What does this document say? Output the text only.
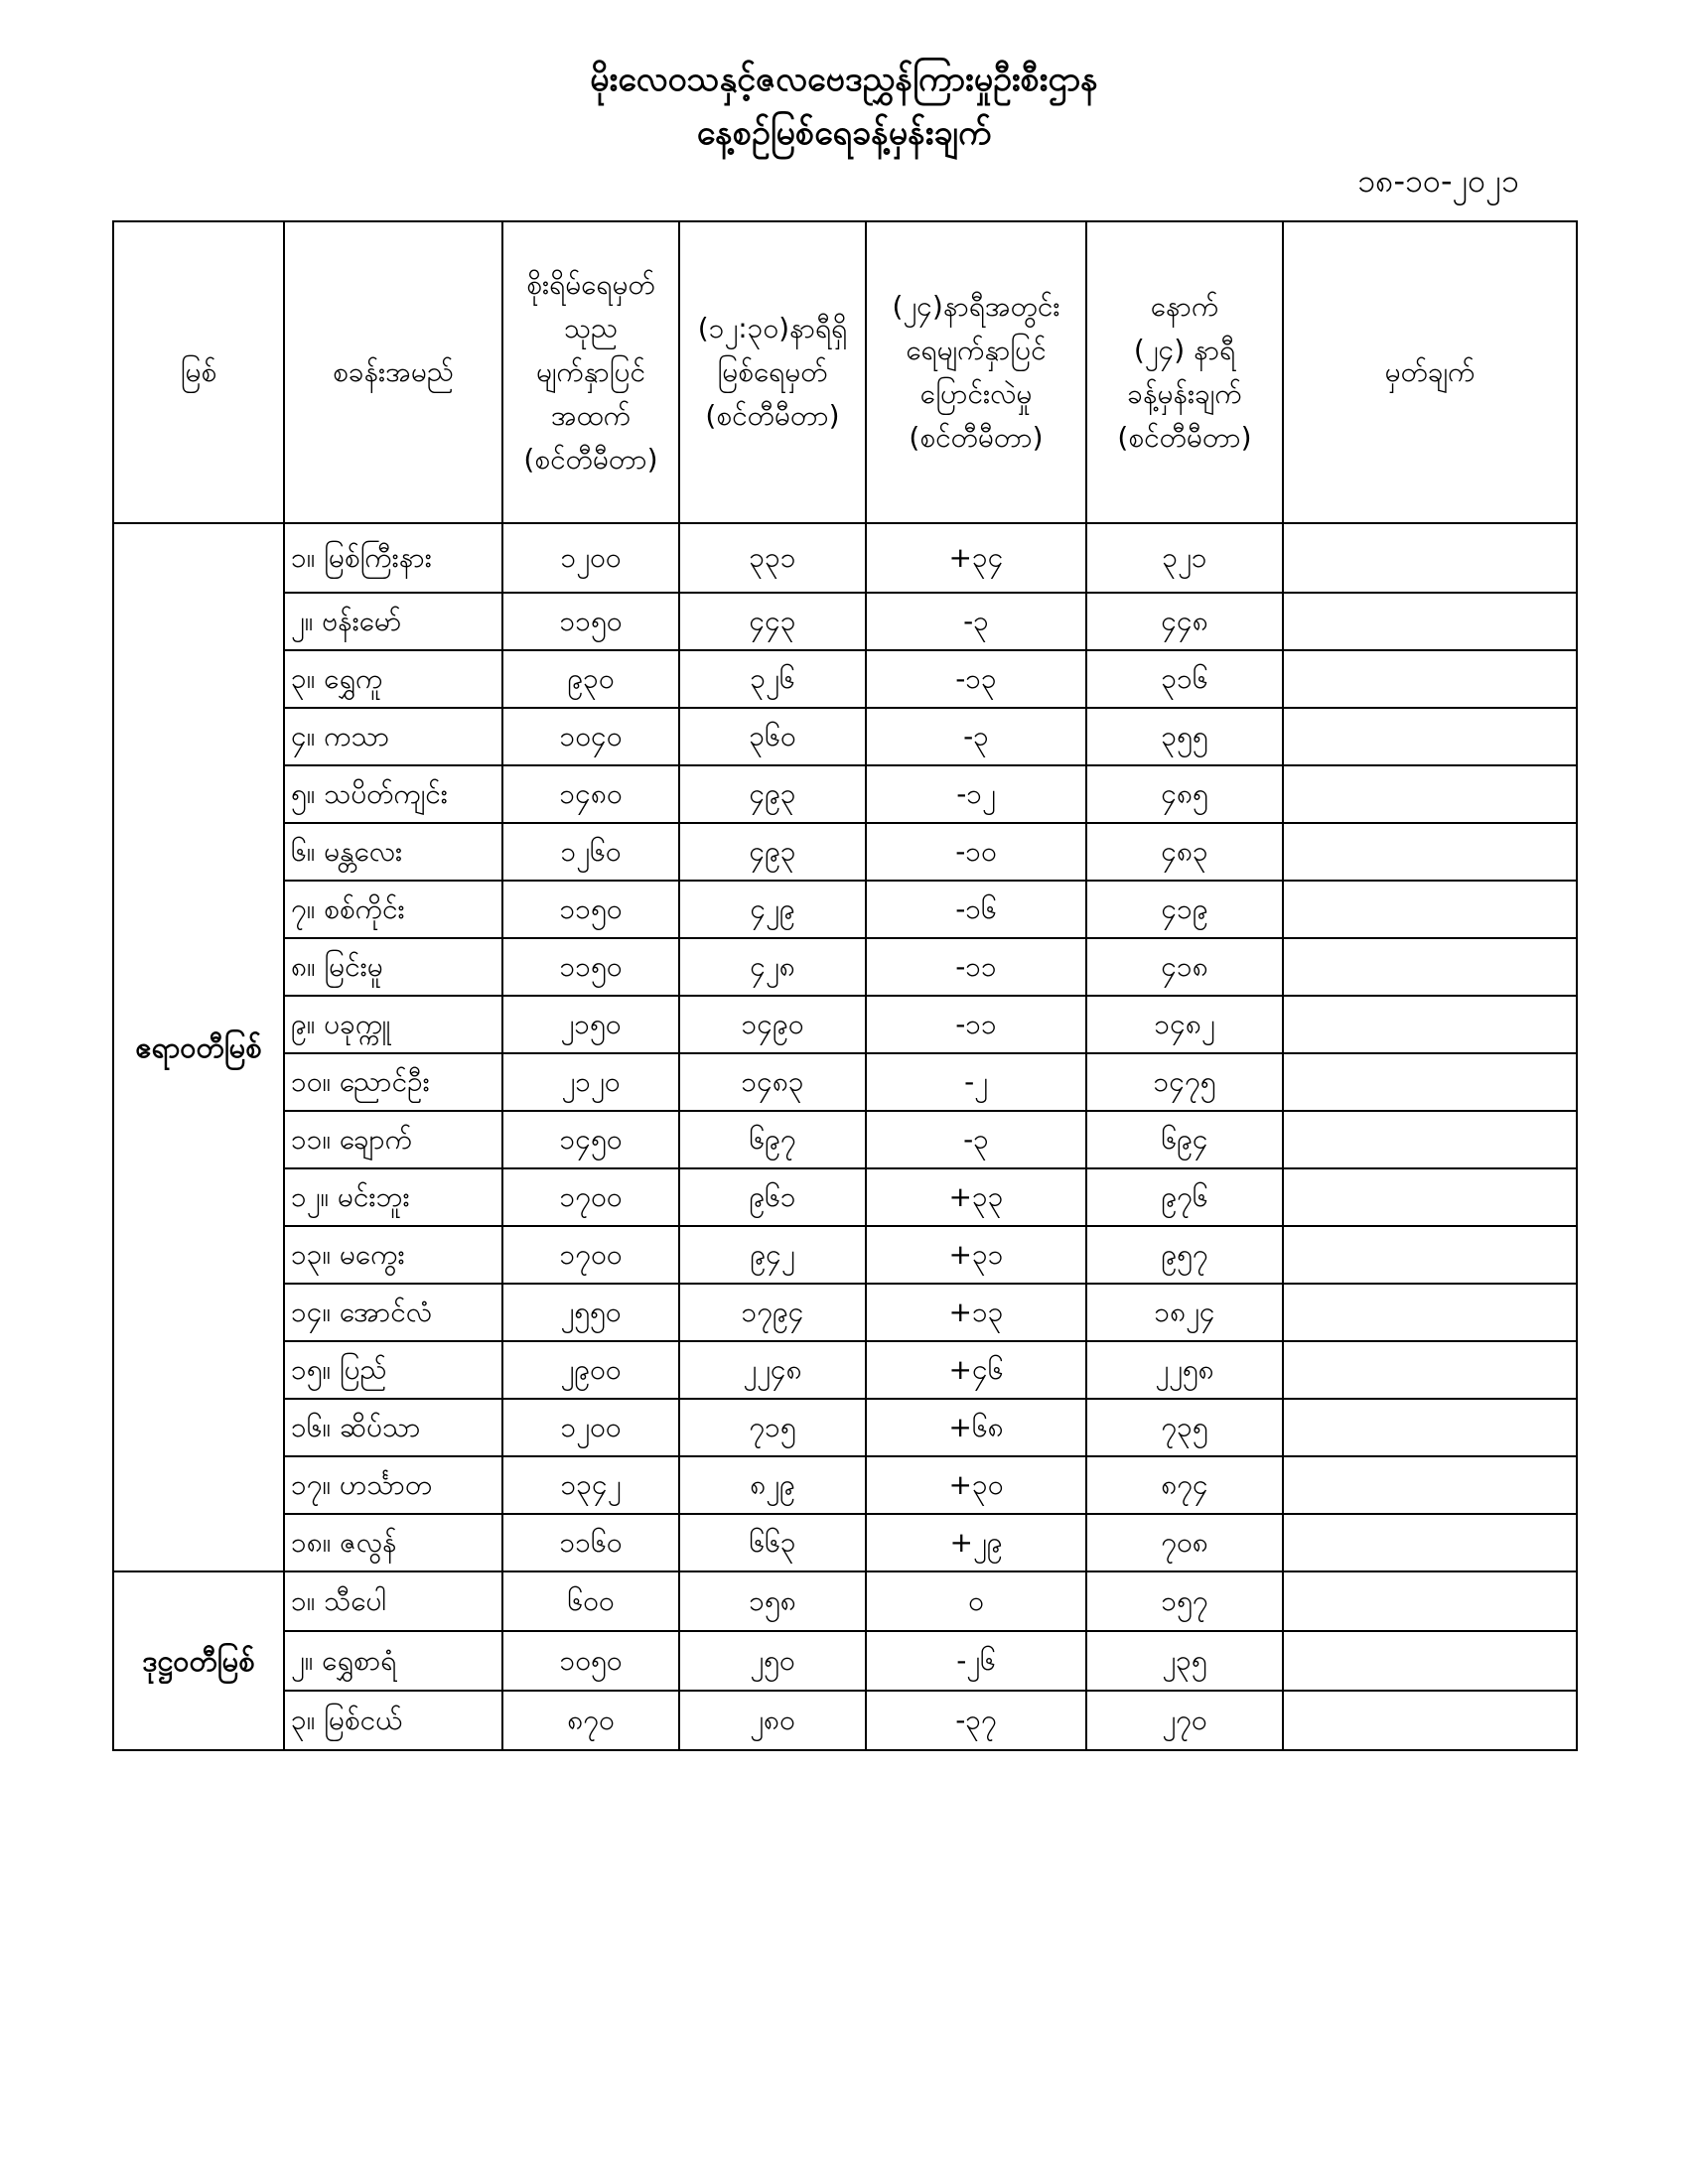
မိုးလေဝသနှင့်ဇလဗေဒညွှန်ကြားမှုဦးစီးဌာန
နေ့စဉ်မြစ်ရေခန့်မှန်းချက်
၁၈-၁၀-၂၀၂၁
မြစ်	စခန်းအမည်	စိုးရိမ်ရေမှတ်
သုည
မျက်နှာပြင်
အထက်
(စင်တီမီတာ)	(၁၂:၃၀)နာရီရှိ
မြစ်ရေမှတ်
(စင်တီမီတာ)	(၂၄)နာရီအတွင်း
ရေမျက်နှာပြင်
ပြောင်းလဲမှု
(စင်တီမီတာ)	နောက်
(၂၄) နာရီ
ခန့်မှန်းချက်
(စင်တီမီတာ)	မှတ်ချက်

ဧရာဝတီမြစ်	၁။ မြစ်ကြီးနား	၁၂၀၀	၃၃၁	+၃၄	၃၂၁	
	၂။ ဗန်းမော်	၁၁၅၀	၄၄၃	-၃	၄၄၈	
	၃။ ရွှေကူ	၉၃၀	၃၂၆	-၁၃	၃၁၆	
	၄။ ကသာ	၁၀၄၀	၃၆၀	-၃	၃၅၅	
	၅။ သပိတ်ကျင်း	၁၄၈၀	၄၉၃	-၁၂	၄၈၅	
	၆။ မန္တလေး	၁၂၆၀	၄၉၃	-၁၀	၄၈၃	
	၇။ စစ်ကိုင်း	၁၁၅၀	၄၂၉	-၁၆	၄၁၉	
	၈။ မြင်းမူ	၁၁၅၀	၄၂၈	-၁၁	၄၁၈	
	၉။ ပခုက္ကူ	၂၁၅၀	၁၄၉၀	-၁၁	၁၄၈၂	
	၁၀။ ညောင်ဦး	၂၁၂၀	၁၄၈၃	-၂	၁၄၇၅	
	၁၁။ ချောက်	၁၄၅၀	၆၉၇	-၃	၆၉၄	
	၁၂။ မင်းဘူး	၁၇၀၀	၉၆၁	+၃၃	၉၇၆	
	၁၃။ မကွေး	၁၇၀၀	၉၄၂	+၃၁	၉၅၇	
	၁၄။ အောင်လံ	၂၅၅၀	၁၇၉၄	+၁၃	၁၈၂၄	
	၁၅။ ပြည်	၂၉၀၀	၂၂၄၈	+၄၆	၂၂၅၈	
	၁၆။ ဆိပ်သာ	၁၂၀၀	၇၁၅	+၆၈	၇၃၅	
	၁၇။ ဟင်္သာတ	၁၃၄၂	၈၂၉	+၃၀	၈၇၄	
	၁၈။ ဇလွန်	၁၁၆၀	၆၆၃	+၂၉	၇၀၈	
ဒုဋ္ဌဝတီမြစ်	၁။ သီပေါ	၆၀၀	၁၅၈	၀	၁၅၇	
	၂။ ရွှေစာရံ	၁၀၅၀	၂၅၀	-၂၆	၂၃၅	
	၃။ မြစ်ငယ်	၈၇၀	၂၈၀	-၃၇	၂၇၀	
